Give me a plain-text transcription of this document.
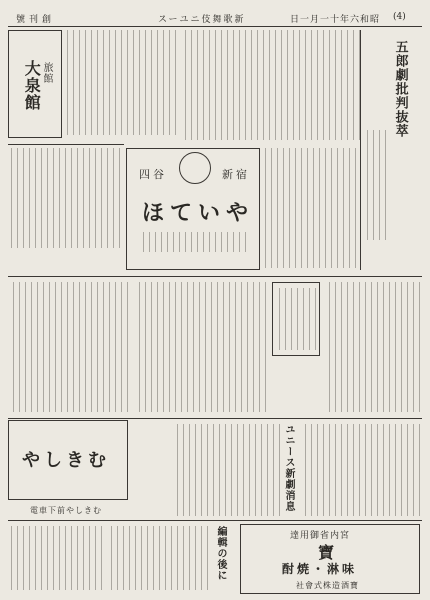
スーユニ伎舞歌新	日一月一十年六和昭 (4)
號刊創
大泉館 旅館	五郎劇批判抜萃
四谷	新宿
ほていや
やしきむ
電車下前やしきむ	ユニース新劇消息
編輯の後に	達用御省内宮
寶
酎焼・淋味
社會式株造酒寶
